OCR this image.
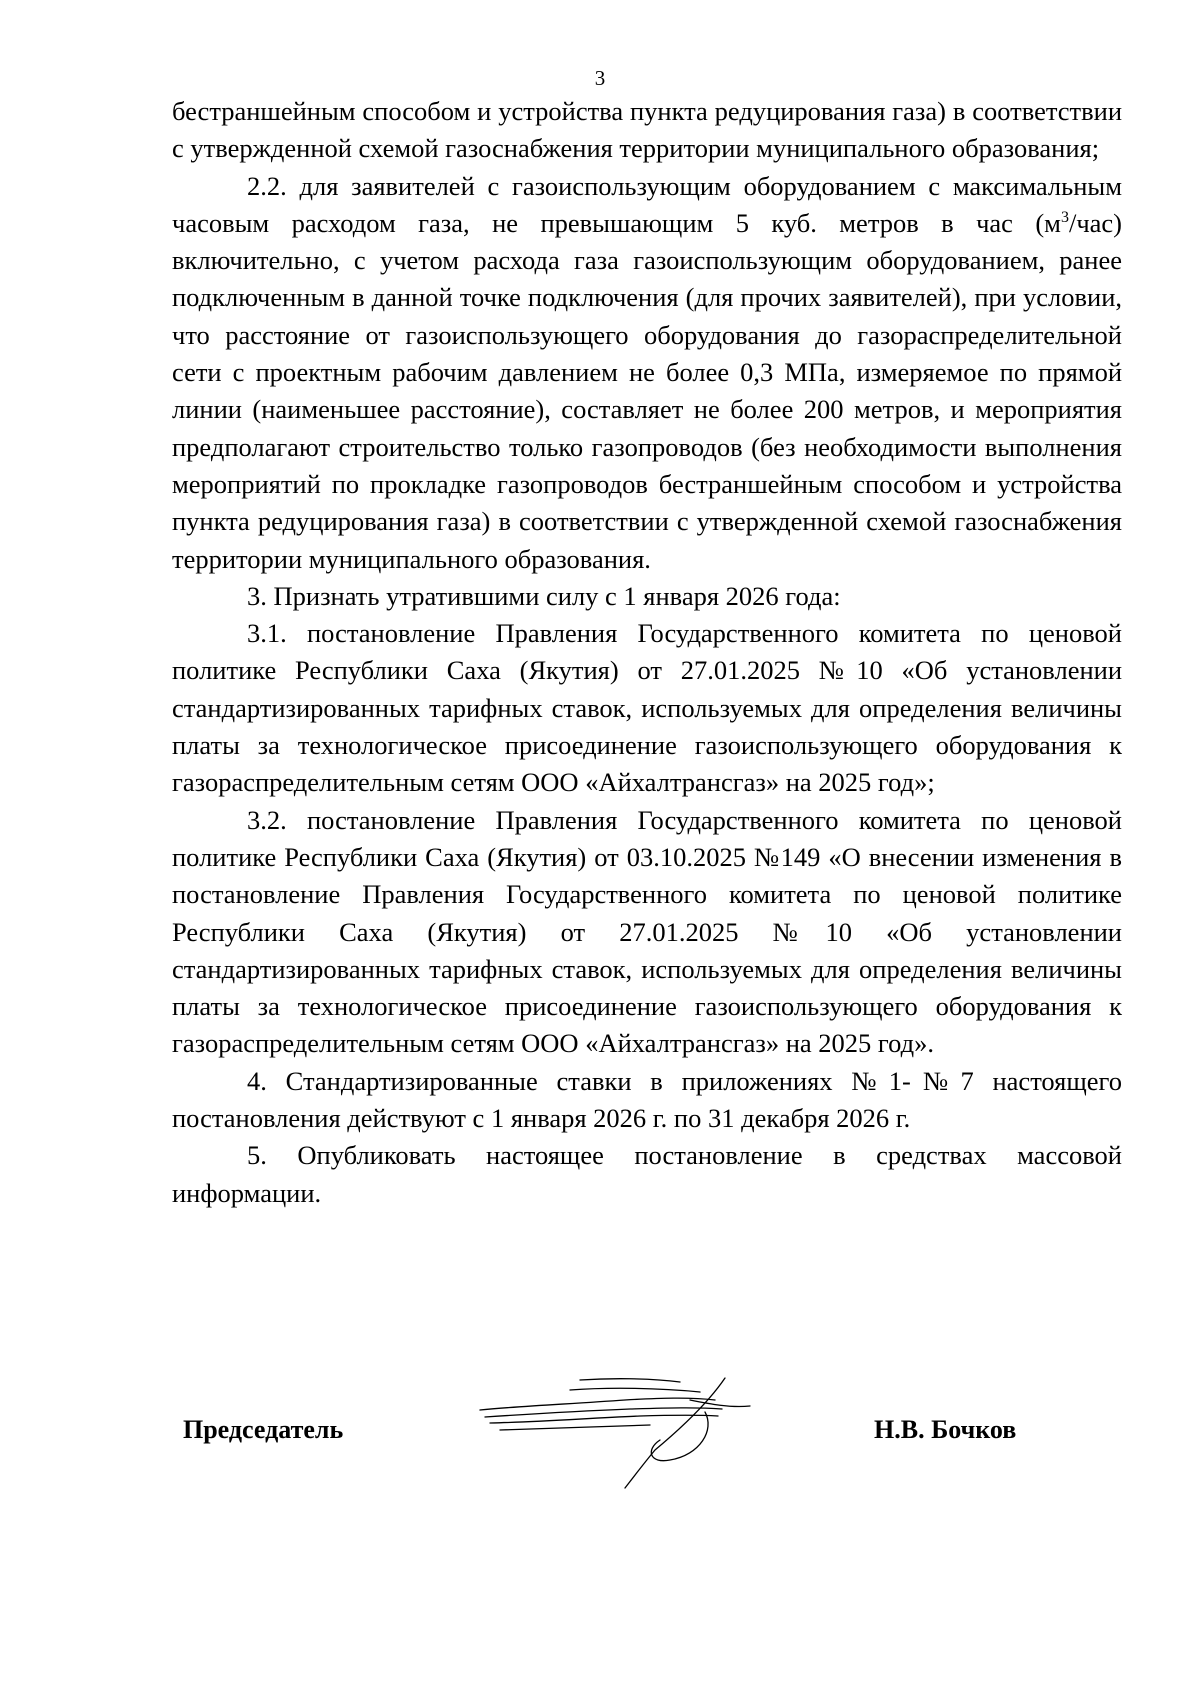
3

бестраншейным способом и устройства пункта редуцирования газа) в соответствии с утвержденной схемой газоснабжения территории муниципального образования;

2.2. для заявителей с газоиспользующим оборудованием с максимальным часовым расходом газа, не превышающим 5 куб. метров в час $(м^3/час)$ включительно, с учетом расхода газа газоиспользующим оборудованием, ранее подключенным в данной точке подключения (для прочих заявителей), при условии, что расстояние от газоиспользующего оборудования до газораспределительной сети с проектным рабочим давлением не более 0,3 МПа, измеряемое по прямой линии (наименьшее расстояние), составляет не более 200 метров, и мероприятия предполагают строительство только газопроводов (без необходимости выполнения мероприятий по прокладке газопроводов бестраншейным способом и устройства пункта редуцирования газа) в соответствии с утвержденной схемой газоснабжения территории муниципального образования.

3. Признать утратившими силу с 1 января 2026 года:

3.1. постановление Правления Государственного комитета по ценовой политике Республики Саха (Якутия) от 27.01.2025 №10 «Об установлении стандартизированных тарифных ставок, используемых для определения величины платы за технологическое присоединение газоиспользующего оборудования к газораспределительным сетям ООО «Айхалтрансгаз» на 2025 год»;

3.2. постановление Правления Государственного комитета по ценовой политике Республики Саха (Якутия) от 03.10.2025 №149 «О внесении изменения в постановление Правления Государственного комитета по ценовой политике Республики Саха (Якутия) от 27.01.2025 №10 «Об установлении стандартизированных тарифных ставок, используемых для определения величины платы за технологическое присоединение газоиспользующего оборудования к газораспределительным сетям ООО «Айхалтрансгаз» на 2025 год».

4. Стандартизированные ставки в приложениях №1-№7 настоящего постановления действуют с 1 января 2026 г. по 31 декабря 2026 г.

5. Опубликовать настоящее постановление в средствах массовой информации.

Председатель	Н.В. Бочков
